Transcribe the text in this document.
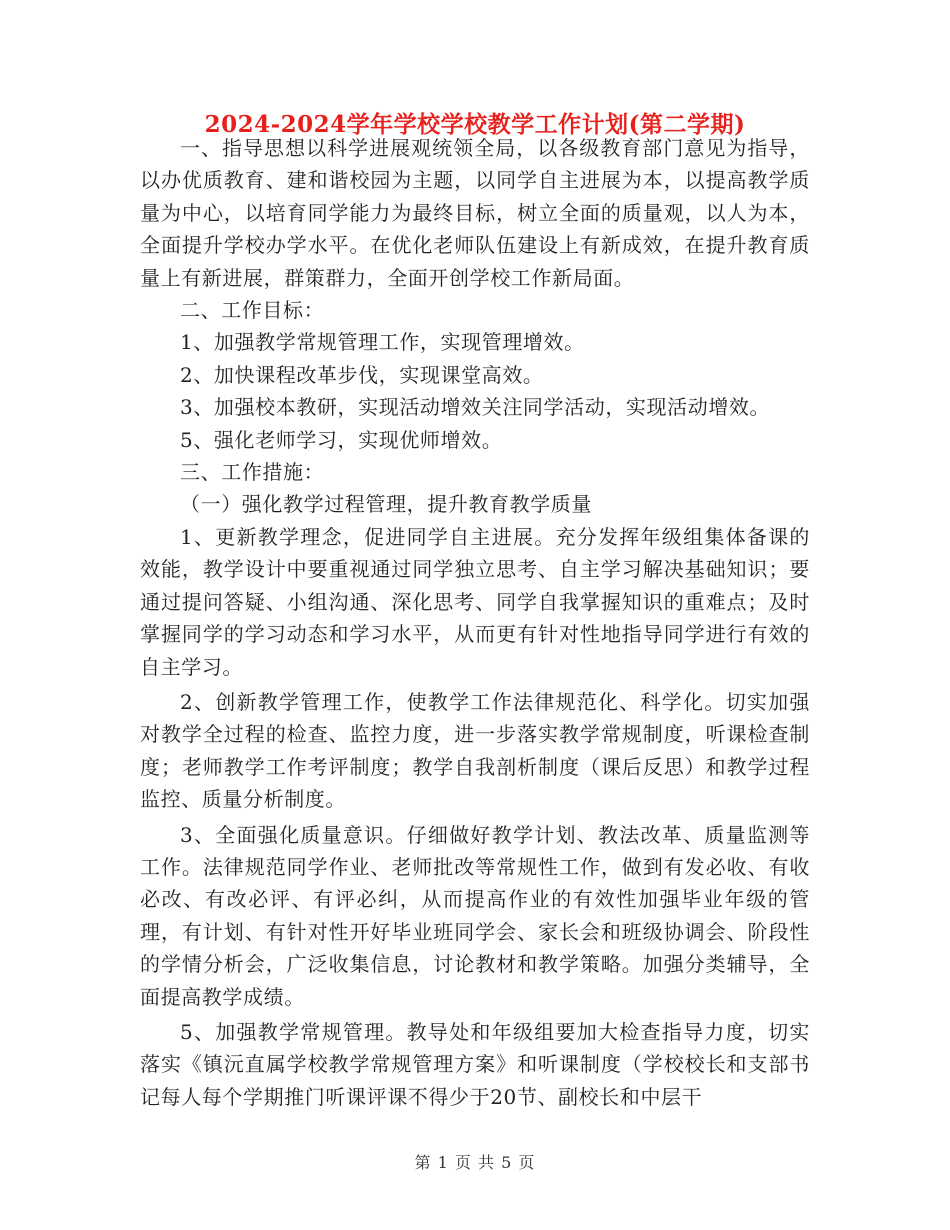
2024-2024学年学校学校教学工作计划(第二学期)

一、指导思想以科学进展观统领全局，以各级教育部门意见为指导，以办优质教育、建和谐校园为主题，以同学自主进展为本，以提高教学质量为中心，以培育同学能力为最终目标，树立全面的质量观，以人为本，全面提升学校办学水平。在优化老师队伍建设上有新成效，在提升教育质量上有新进展，群策群力，全面开创学校工作新局面。

二、工作目标：

1、加强教学常规管理工作，实现管理增效。

2、加快课程改革步伐，实现课堂高效。

3、加强校本教研，实现活动增效关注同学活动，实现活动增效。

5、强化老师学习，实现优师增效。

三、工作措施：

（一）强化教学过程管理，提升教育教学质量

1、更新教学理念，促进同学自主进展。充分发挥年级组集体备课的效能，教学设计中要重视通过同学独立思考、自主学习解决基础知识；要通过提问答疑、小组沟通、深化思考、同学自我掌握知识的重难点；及时掌握同学的学习动态和学习水平，从而更有针对性地指导同学进行有效的自主学习。

2、创新教学管理工作，使教学工作法律规范化、科学化。切实加强对教学全过程的检查、监控力度，进一步落实教学常规制度，听课检查制度；老师教学工作考评制度；教学自我剖析制度（课后反思）和教学过程监控、质量分析制度。

3、全面强化质量意识。仔细做好教学计划、教法改革、质量监测等工作。法律规范同学作业、老师批改等常规性工作，做到有发必收、有收必改、有改必评、有评必纠，从而提高作业的有效性加强毕业年级的管理，有计划、有针对性开好毕业班同学会、家长会和班级协调会、阶段性的学情分析会，广泛收集信息，讨论教材和教学策略。加强分类辅导，全面提高教学成绩。

5、加强教学常规管理。教导处和年级组要加大检查指导力度，切实落实《镇沅直属学校教学常规管理方案》和听课制度（学校校长和支部书记每人每个学期推门听课评课不得少于20节、副校长和中层干

第 1 页 共 5 页
